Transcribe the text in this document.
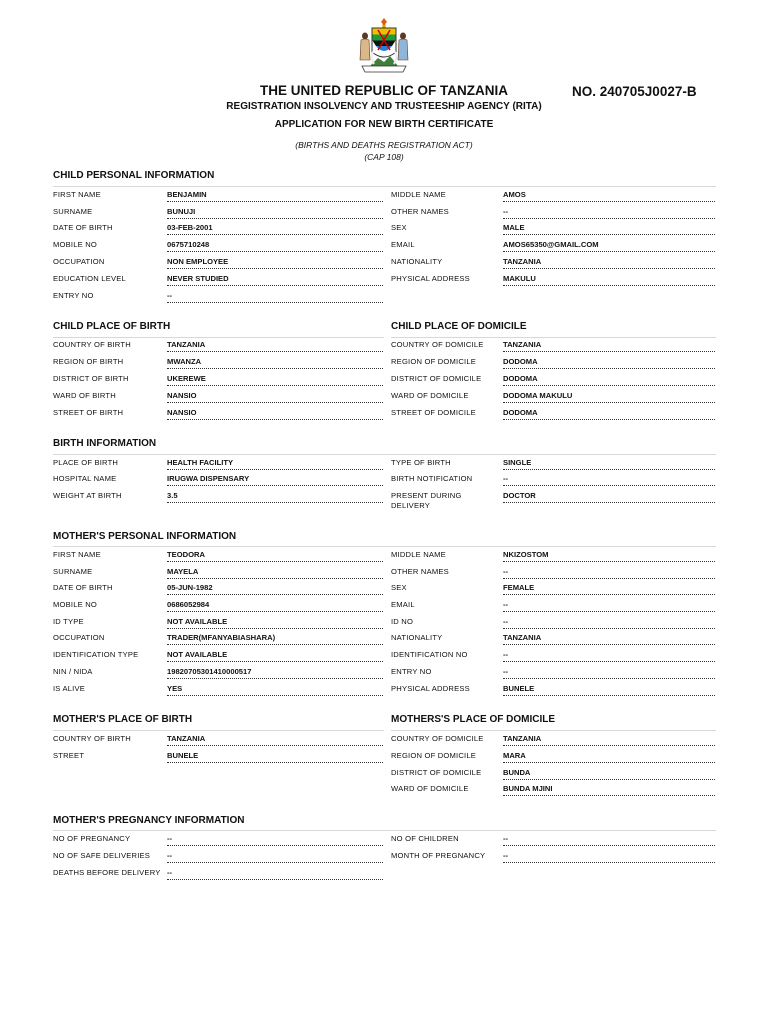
THE UNITED REPUBLIC OF TANZANIA	NO. 240705J0027-B
REGISTRATION INSOLVENCY AND TRUSTEESHIP AGENCY (RITA)
APPLICATION FOR NEW BIRTH CERTIFICATE
(BIRTHS AND DEATHS REGISTRATION ACT)
(CAP 108)
CHILD PERSONAL INFORMATION
FIRST NAME	BENJAMIN
SURNAME	BUNUJI
DATE OF BIRTH	03-FEB-2001
MOBILE NO	0675710248
OCCUPATION	NON EMPLOYEE
EDUCATION LEVEL	NEVER STUDIED
ENTRY NO	--
MIDDLE NAME	AMOS
OTHER NAMES	--
SEX	MALE
EMAIL	AMOS65350@GMAIL.COM
NATIONALITY	TANZANIA
PHYSICAL ADDRESS	MAKULU
CHILD PLACE OF BIRTH	CHILD PLACE OF DOMICILE
COUNTRY OF BIRTH	TANZANIA
REGION OF BIRTH	MWANZA
DISTRICT OF BIRTH	UKEREWE
WARD OF BIRTH	NANSIO
STREET OF BIRTH	NANSIO
COUNTRY OF DOMICILE	TANZANIA
REGION OF DOMICILE	DODOMA
DISTRICT OF DOMICILE	DODOMA
WARD OF DOMICILE	DODOMA MAKULU
STREET OF DOMICILE	DODOMA
BIRTH INFORMATION
PLACE OF BIRTH	HEALTH FACILITY
HOSPITAL NAME	IRUGWA DISPENSARY
WEIGHT AT BIRTH	3.5
TYPE OF BIRTH	SINGLE
BIRTH NOTIFICATION	--
PRESENT DURING
DELIVERY
DOCTOR
MOTHER'S PERSONAL INFORMATION
FIRST NAME	TEODORA
SURNAME	MAYELA
DATE OF BIRTH	05-JUN-1982
MOBILE NO	0686052984
ID TYPE	NOT AVAILABLE
OCCUPATION	TRADER(MFANYABIASHARA)
IDENTIFICATION TYPE	NOT AVAILABLE
NIN / NIDA	19820705301410000517
IS ALIVE	YES
MIDDLE NAME	NKIZOSTOM
OTHER NAMES	--
SEX	FEMALE
EMAIL	--
ID NO	--
NATIONALITY	TANZANIA
IDENTIFICATION NO	--
ENTRY NO	--
PHYSICAL ADDRESS	BUNELE
MOTHER'S PLACE OF BIRTH	MOTHERS'S PLACE OF DOMICILE
COUNTRY OF BIRTH	TANZANIA
STREET	BUNELE
COUNTRY OF DOMICILE	TANZANIA
REGION OF DOMICILE	MARA
DISTRICT OF DOMICILE	BUNDA
WARD OF DOMICILE	BUNDA MJINI
MOTHER'S PREGNANCY INFORMATION
NO OF PREGNANCY	--
NO OF SAFE DELIVERIES --
DEATHS BEFORE DELIVERY --
NO OF CHILDREN	--
MONTH OF PREGNANCY --
